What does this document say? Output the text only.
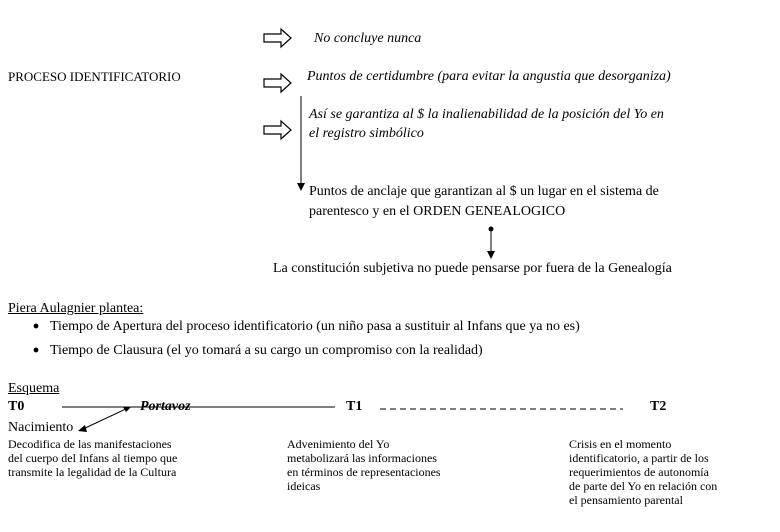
No concluye nunca
PROCESO IDENTIFICATORIO	Puntos de certidumbre (para evitar la angustia que desorganiza)
Así se garantiza al $ la inalienabilidad de la posición del Yo en
el registro simbólico
Puntos de anclaje que garantizan al $ un lugar en el sistema de
parentesco y en el ORDEN GENEALOGICO
La constitución subjetiva no puede pensarse por fuera de la Genealogía
Piera Aulagnier plantea:
Tiempo de Apertura del proceso identificatorio (un niño pasa a sustituir al Infans que ya no es)
Tiempo de Clausura (el yo tomará a su cargo un compromiso con la realidad)
Esquema
T0	T1	T2
Portavoz
Nacimiento
Decodifica de las manifestaciones
del cuerpo del Infans al tiempo que
transmite la legalidad de la Cultura
Advenimiento del Yo
metabolizará las informaciones
en términos de representaciones
ideicas
Crisis en el momento
identificatorio, a partir de los
requerimientos de autonomía
de parte del Yo en relación con
el pensamiento parental
